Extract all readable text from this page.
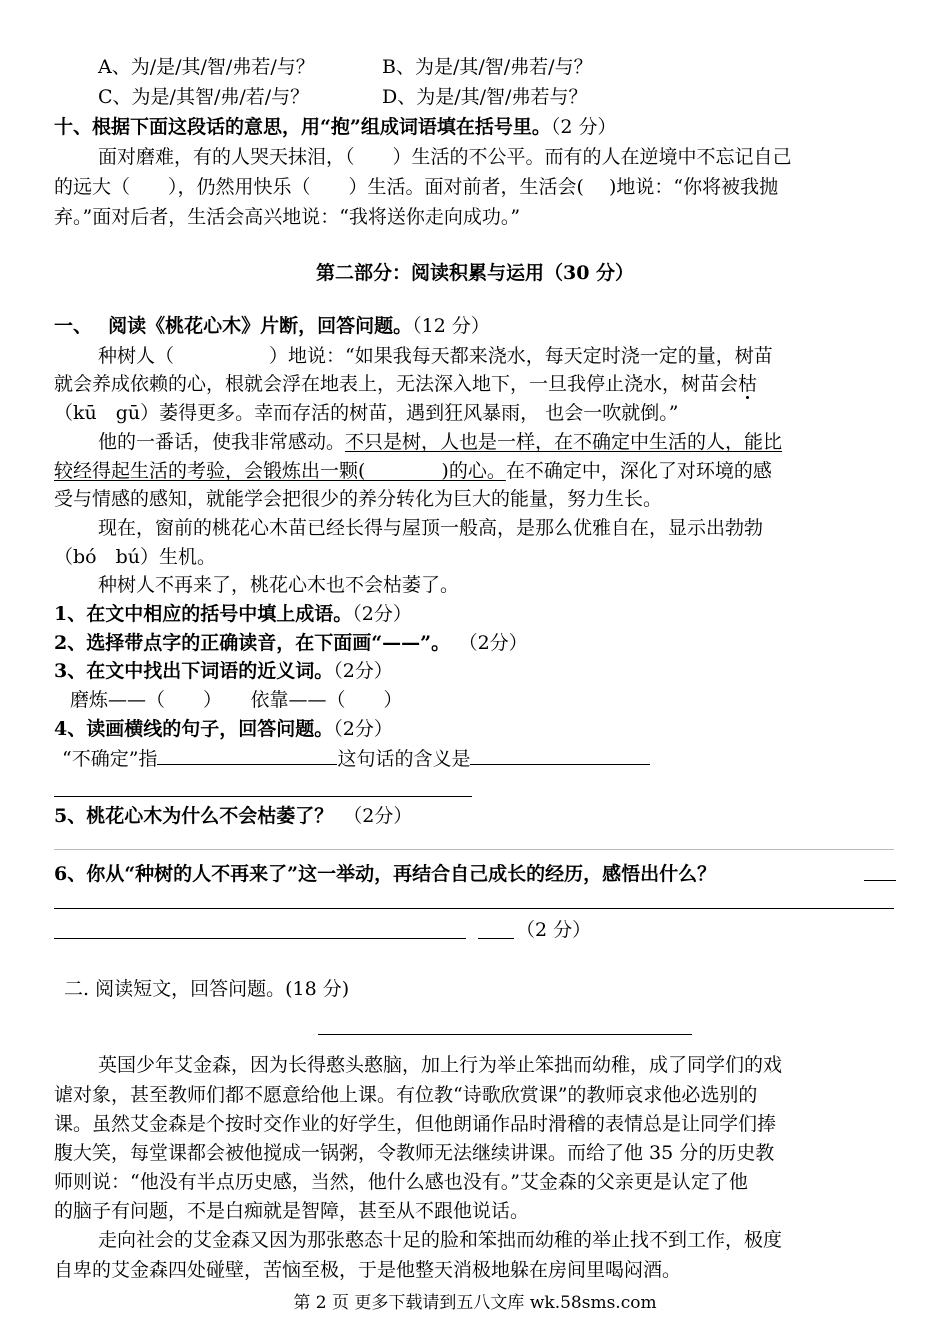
A、为/是/其/智/弗若/与？	B、为是/其/智/弗若/与？
C、为是/其智/弗/若/与？	D、为是/其/智/弗若与？
十、根据下面这段话的意思，用“抱”组成词语填在括号里。（2 分）
面对磨难，有的人哭天抹泪，（　　）生活的不公平。而有的人在逆境中不忘记自己
的远大（　　），仍然用快乐（　　）生活。面对前者，生活会(　 )地说：“你将被我抛
弃。”面对后者，生活会高兴地说：“我将送你走向成功。”
第二部分：阅读积累与运用（30 分）
一、　 阅读《桃花心木》片断，回答问题。（12 分）
种树人（　　　　　）地说：“如果我每天都来浇水，每天定时浇一定的量，树苗
就会养成依赖的心，根就会浮在地表上，无法深入地下，一旦我停止浇水，树苗会枯
（kū　gū）萎得更多。幸而存活的树苗，遇到狂风暴雨， 也会一吹就倒。”
他的一番话，使我非常感动。不只是树，人也是一样，在不确定中生活的人，能比
较经得起生活的考验，会锻炼出一颗(　　　　)的心。在不确定中，深化了对环境的感
受与情感的感知，就能学会把很少的养分转化为巨大的能量，努力生长。
现在，窗前的桃花心木苗已经长得与屋顶一般高，是那么优雅自在，显示出勃勃
（bó　bú）生机。
种树人不再来了，桃花心木也不会枯萎了。
1、在文中相应的括号中填上成语。（2分）
2、选择带点字的正确读音，在下面画“——”。 （2分）
3、在文中找出下词语的近义词。（2分）
磨炼——（　　）　　依靠——（　　）
4、读画横线的句子，回答问题。（2分）
“不确定”指	这句话的含义是
5、桃花心木为什么不会枯萎了？ （2分）
6、你从“种树的人不再来了”这一举动，再结合自己成长的经历，感悟出什么？
（2 分）
二. 阅读短文，回答问题。(18 分)
英国少年艾金森，因为长得憨头憨脑，加上行为举止笨拙而幼稚，成了同学们的戏
谑对象，甚至教师们都不愿意给他上课。有位教“诗歌欣赏课”的教师哀求他必选别的
课。虽然艾金森是个按时交作业的好学生，但他朗诵作品时滑稽的表情总是让同学们捧
腹大笑，每堂课都会被他搅成一锅粥，令教师无法继续讲课。而给了他 35 分的历史教
师则说：“他没有半点历史感，当然，他什么感也没有。”艾金森的父亲更是认定了他
的脑子有问题，不是白痴就是智障，甚至从不跟他说话。
走向社会的艾金森又因为那张憨态十足的脸和笨拙而幼稚的举止找不到工作，极度
自卑的艾金森四处碰壁，苦恼至极，于是他整天消极地躲在房间里喝闷酒。
第 2 页 更多下载请到五八文库 wk.58sms.com
